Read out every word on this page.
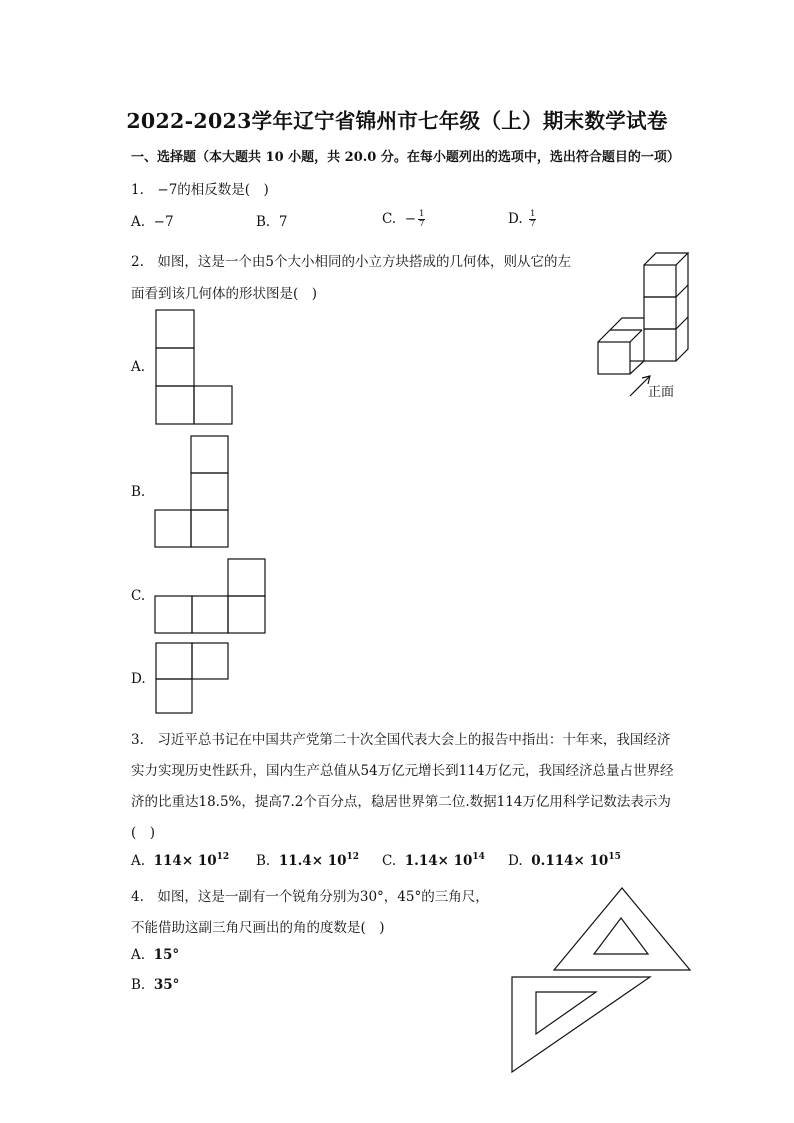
2022-2023学年辽宁省锦州市七年级（上）期末数学试卷
一、选择题（本大题共 10 小题，共 20.0 分。在每小题列出的选项中，选出符合题目的一项）
1.　−7的相反数是(　)
A. −7	B. 7	C. − $\frac{1}{7}$	D. $\frac{1}{7}$
2.　如图，这是一个由5个大小相同的小立方块搭成的几何体，则从它的左
面看到该几何体的形状图是(　)
正面
A.
B.
C.
D.
3.　习近平总书记在中国共产党第二十次全国代表大会上的报告中指出：十年来，我国经济
实力实现历史性跃升，国内生产总值从54万亿元增长到114万亿元，我国经济总量占世界经
济的比重达18.5%，提高7.2个百分点，稳居世界第二位.数据114万亿用科学记数法表示为
(　)
A. $114\times 10^{12}$ B. $11.4\times 10^{12}$ C. $1.14\times 10^{14}$ D. $0.114\times 10^{15}$
4.　如图，这是一副有一个锐角分别为30°，45°的三角尺，
不能借助这副三角尺画出的角的度数是(　)
A. 15°
B. 35°
